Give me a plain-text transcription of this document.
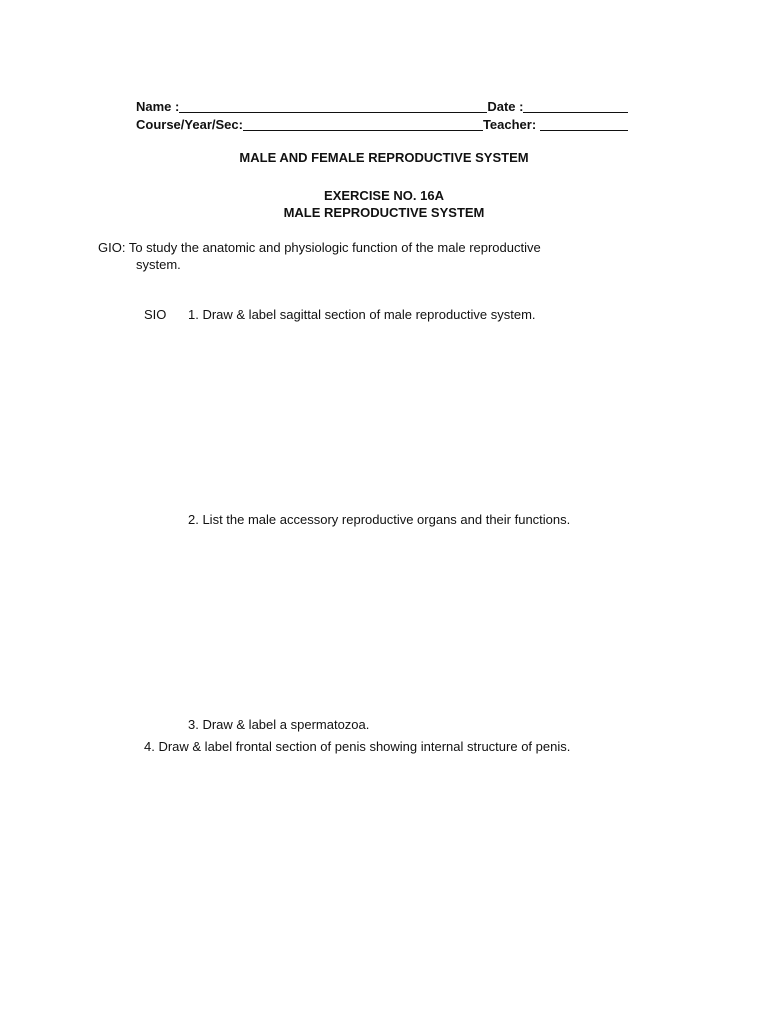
Name :	Date :
Course/Year/Sec:	Teacher:
MALE AND FEMALE REPRODUCTIVE SYSTEM
EXERCISE NO. 16A
MALE REPRODUCTIVE SYSTEM
GIO: To study the anatomic and physiologic function of the male reproductive
system.
SIO 1. Draw & label sagittal section of male reproductive system.
2. List the male accessory reproductive organs and their functions.
3. Draw & label a spermatozoa.
4. Draw & label frontal section of penis showing internal structure of penis.
